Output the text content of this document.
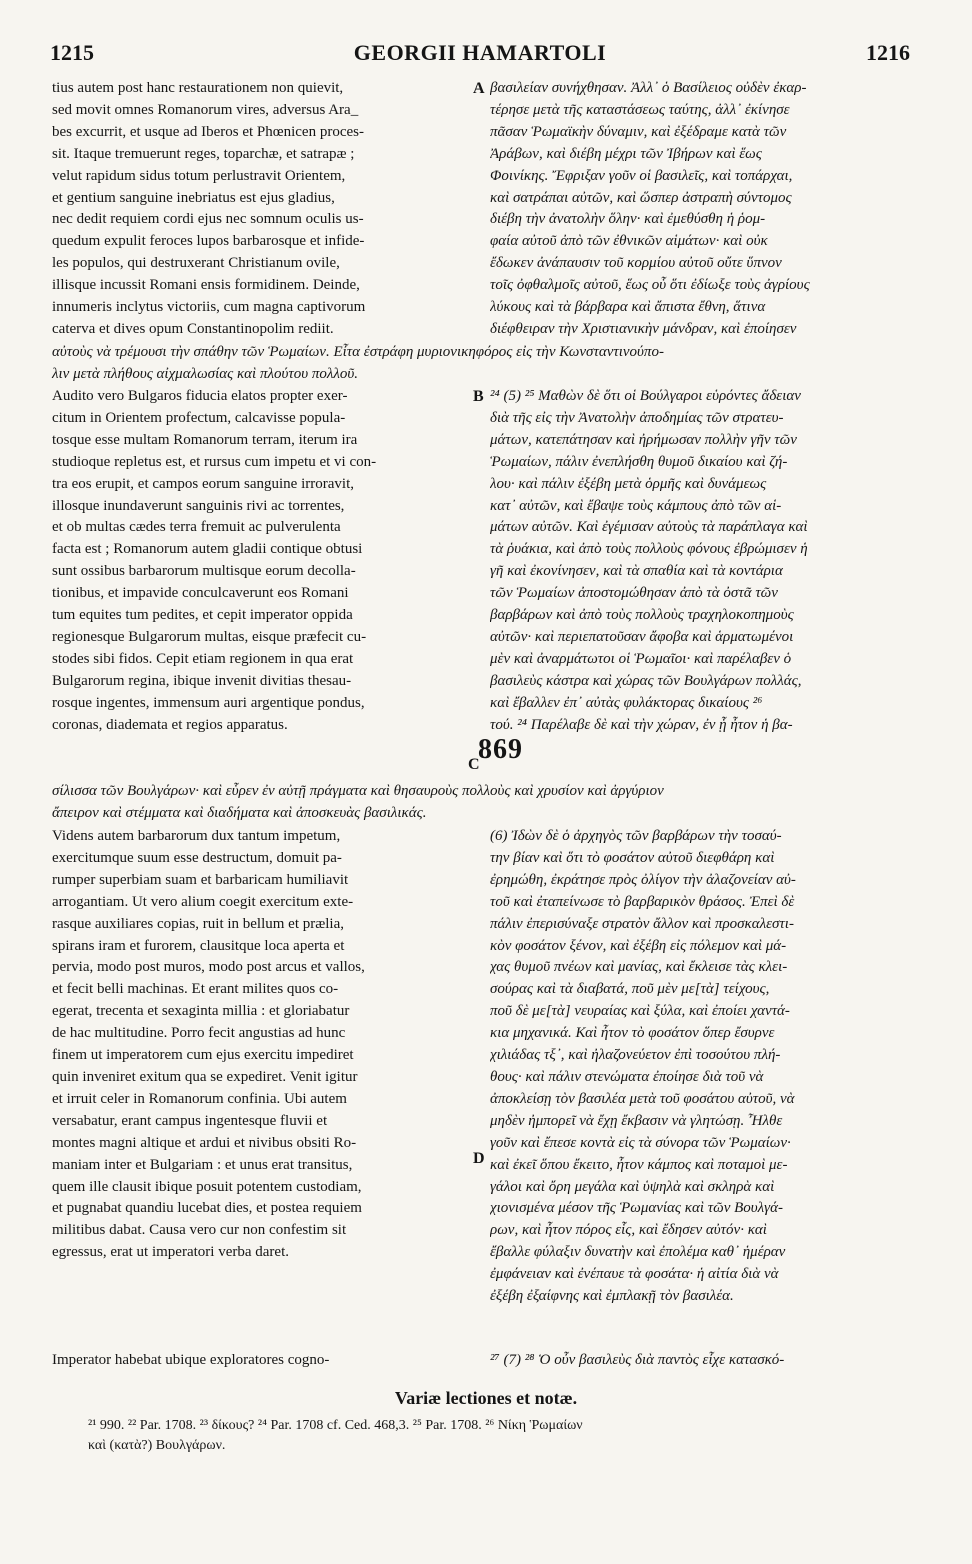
1215	GEORGII HAMARTOLI	1216
tius autem post hanc restaurationem non quievit,
sed movit omnes Romanorum vires, adversus Ara_
bes excurrit, et usque ad Iberos et Phœnicen proces-
sit. Itaque tremuerunt reges, toparchæ, et satrapæ ;
velut rapidum sidus totum perlustravit Orientem,
et gentium sanguine inebriatus est ejus gladius,
nec dedit requiem cordi ejus nec somnum oculis us-
quedum expulit feroces lupos barbarosque et infide-
les populos, qui destruxerant Christianum ovile,
illisque incussit Romani ensis formidinem. Deinde,
innumeris inclytus victoriis, cum magna captivorum
caterva et dives opum Constantinopolim rediit.
βασιλείαν συνήχθησαν. Ἀλλ᾽ ὁ Βασίλειος οὐδὲν ἐκαρ-
τέρησε μετὰ τῆς καταστάσεως ταύτης, ἀλλ᾽ ἐκίνησε
πᾶσαν Ῥωμαϊκὴν δύναμιν, καὶ ἐξέδραμε κατὰ τῶν
Ἀράβων, καὶ διέβη μέχρι τῶν Ἰβήρων καὶ ἕως
Φοινίκης. Ἔφριξαν γοῦν οἱ βασιλεῖς, καὶ τοπάρχαι,
καὶ σατράπαι αὐτῶν, καὶ ὥσπερ ἀστραπὴ σύντομος
διέβη τὴν ἀνατολὴν ὅλην· καὶ ἐμεθύσθη ἡ ῥομ-
φαία αὐτοῦ ἀπὸ τῶν ἐθνικῶν αἱμάτων· καὶ οὐκ
ἔδωκεν ἀνάπαυσιν τοῦ κορμίου αὐτοῦ οὔτε ὕπνον
τοῖς ὀφθαλμοῖς αὐτοῦ, ἕως οὗ ὅτι ἐδίωξε τοὺς ἀγρίους
λύκους καὶ τὰ βάρβαρα καὶ ἄπιστα ἔθνη, ἅτινα
διέφθειραν τὴν Χριστιανικὴν μάνδραν, καὶ ἐποίησεν
A
αὐτοὺς νὰ τρέμουσι τὴν σπάθην τῶν Ῥωμαίων. Εἶτα ἐστράφη μυριονικηφόρος εἰς τὴν Κωνσταντινούπο-
λιν μετὰ πλήθους αἰχμαλωσίας καὶ πλούτου πολλοῦ.
Audito vero Bulgaros fiducia elatos propter exer-
citum in Orientem profectum, calcavisse popula-
tosque esse multam Romanorum terram, iterum ira
studioque repletus est, et rursus cum impetu et vi con-
tra eos erupit, et campos eorum sanguine irroravit,
illosque inundaverunt sanguinis rivi ac torrentes,
et ob multas cædes terra fremuit ac pulverulenta
facta est ; Romanorum autem gladii contique obtusi
sunt ossibus barbarorum multisque eorum decolla-
tionibus, et impavide conculcaverunt eos Romani
tum equites tum pedites, et cepit imperator oppida
regionesque Bulgarorum multas, eisque præfecit cu-
stodes sibi fidos. Cepit etiam regionem in qua erat
Bulgarorum regina, ibique invenit divitias thesau-
rosque ingentes, immensum auri argentique pondus,
coronas, diademata et regios apparatus.
²⁴ (5) ²⁵ Μαθὼν δὲ ὅτι οἱ Βούλγαροι εὑρόντες ἄδειαν
διὰ τῆς εἰς τὴν Ἀνατολὴν ἀποδημίας τῶν στρατευ-
μάτων, κατεπάτησαν καὶ ἠρήμωσαν πολλὴν γῆν τῶν
Ῥωμαίων, πάλιν ἐνεπλήσθη θυμοῦ δικαίου καὶ ζή-
λου· καὶ πάλιν ἐξέβη μετὰ ὁρμῆς καὶ δυνάμεως
κατ᾽ αὐτῶν, καὶ ἔβαψε τοὺς κάμπους ἀπὸ τῶν αἱ-
μάτων αὐτῶν. Καὶ ἐγέμισαν αὐτοὺς τὰ παράπλαγα καὶ
τὰ ῥυάκια, καὶ ἀπὸ τοὺς πολλοὺς φόνους ἐβρώμισεν ἡ
γῆ καὶ ἐκονίνησεν, καὶ τὰ σπαθία καὶ τὰ κοντάρια
τῶν Ῥωμαίων ἀποστομώθησαν ἀπὸ τὰ ὀστᾶ τῶν
βαρβάρων καὶ ἀπὸ τοὺς πολλοὺς τραχηλοκοπημοὺς
αὐτῶν· καὶ περιεπατοῦσαν ἄφοβα καὶ ἁρματωμένοι
μὲν καὶ ἀναρμάτωτοι οἱ Ῥωμαῖοι· καὶ παρέλαβεν ὁ
βασιλεὺς κάστρα καὶ χώρας τῶν Βουλγάρων πολλάς,
καὶ ἔβαλλεν ἐπ᾽ αὐτὰς φυλάκτορας δικαίους ²⁶
τού. ²⁴ Παρέλαβε δὲ καὶ τὴν χώραν, ἐν ᾗ ἦτον ἡ βα-
B
869
C
σίλισσα τῶν Βουλγάρων· καὶ εὗρεν ἐν αὐτῇ πράγματα καὶ θησαυροὺς πολλοὺς καὶ χρυσίον καὶ ἀργύριον
ἄπειρον καὶ στέμματα καὶ διαδήματα καὶ ἀποσκευὰς βασιλικάς.
Videns autem barbarorum dux tantum impetum,
exercitumque suum esse destructum, domuit pa-
rumper superbiam suam et barbaricam humiliavit
arrogantiam. Ut vero alium coegit exercitum exte-
rasque auxiliares copias, ruit in bellum et prælia,
spirans iram et furorem, clausitque loca aperta et
pervia, modo post muros, modo post arcus et vallos,
et fecit belli machinas. Et erant milites quos co-
egerat, trecenta et sexaginta millia : et gloriabatur
de hac multitudine. Porro fecit angustias ad hunc
finem ut imperatorem cum ejus exercitu impediret
quin inveniret exitum qua se expediret. Venit igitur
et irruit celer in Romanorum confinia. Ubi autem
versabatur, erant campus ingentesque fluvii et
montes magni altique et ardui et nivibus obsiti Ro-
maniam inter et Bulgariam : et unus erat transitus,
quem ille clausit ibique posuit potentem custodiam,
et pugnabat quandiu lucebat dies, et postea requiem
militibus dabat. Causa vero cur non confestim sit
egressus, erat ut imperatori verba daret.
(6) Ἰδὼν δὲ ὁ ἀρχηγὸς τῶν βαρβάρων τὴν τοσαύ-
την βίαν καὶ ὅτι τὸ φοσάτον αὐτοῦ διεφθάρη καὶ
ἐρημώθη, ἐκράτησε πρὸς ὀλίγον τὴν ἀλαζονείαν αὐ-
τοῦ καὶ ἐταπείνωσε τὸ βαρβαρικὸν θράσος. Ἐπεὶ δὲ
πάλιν ἐπερισύναξε στρατὸν ἄλλον καὶ προσκαλεστι-
κὸν φοσάτον ξένον, καὶ ἐξέβη εἰς πόλεμον καὶ μά-
χας θυμοῦ πνέων καὶ μανίας, καὶ ἔκλεισε τὰς κλει-
σούρας καὶ τὰ διαβατά, ποῦ μὲν με[τὰ] τείχους,
ποῦ δὲ με[τὰ] νευραίας καὶ ξύλα, καὶ ἐποίει χαντά-
κια μηχανικά. Καὶ ἦτον τὸ φοσάτον ὅπερ ἔσυρνε
χιλιάδας τξ᾽, καὶ ἠλαζονεύετον ἐπὶ τοσούτου πλή-
θους· καὶ πάλιν στενώματα ἐποίησε διὰ τοῦ νὰ
ἀποκλείσῃ τὸν βασιλέα μετὰ τοῦ φοσάτου αὐτοῦ, νὰ
μηδὲν ἠμπορεῖ νὰ ἔχῃ ἔκβασιν νὰ γλητώσῃ. Ἦλθε
γοῦν καὶ ἔπεσε κοντὰ εἰς τὰ σύνορα τῶν Ῥωμαίων·
καὶ ἐκεῖ ὅπου ἔκειτο, ἦτον κάμπος καὶ ποταμοὶ με-
γάλοι καὶ ὄρη μεγάλα καὶ ὑψηλὰ καὶ σκληρὰ καὶ
χιονισμένα μέσον τῆς Ῥωμανίας καὶ τῶν Βουλγά-
ρων, καὶ ἦτον πόρος εἷς, καὶ ἔδησεν αὐτόν· καὶ
ἔβαλλε φύλαξιν δυνατὴν καὶ ἐπολέμα καθ᾽ ἡμέραν
ἐμφάνειαν καὶ ἐνέπαυε τὰ φοσάτα· ἡ αἰτία διὰ νὰ
ἐξέβη ἐξαίφνης καὶ ἐμπλακῇ τὸν βασιλέα.
D
Imperator habebat ubique exploratores cogno-	²⁷ (7) ²⁸ Ὁ οὖν βασιλεὺς διὰ παντὸς εἶχε κατασκό-
Variæ lectiones et notæ.
²¹ 990. ²² Par. 1708. ²³ δίκους? ²⁴ Par. 1708 cf. Ced. 468,3. ²⁵ Par. 1708. ²⁶ Νίκη Ῥωμαίων
καὶ (κατὰ?) Βουλγάρων.
